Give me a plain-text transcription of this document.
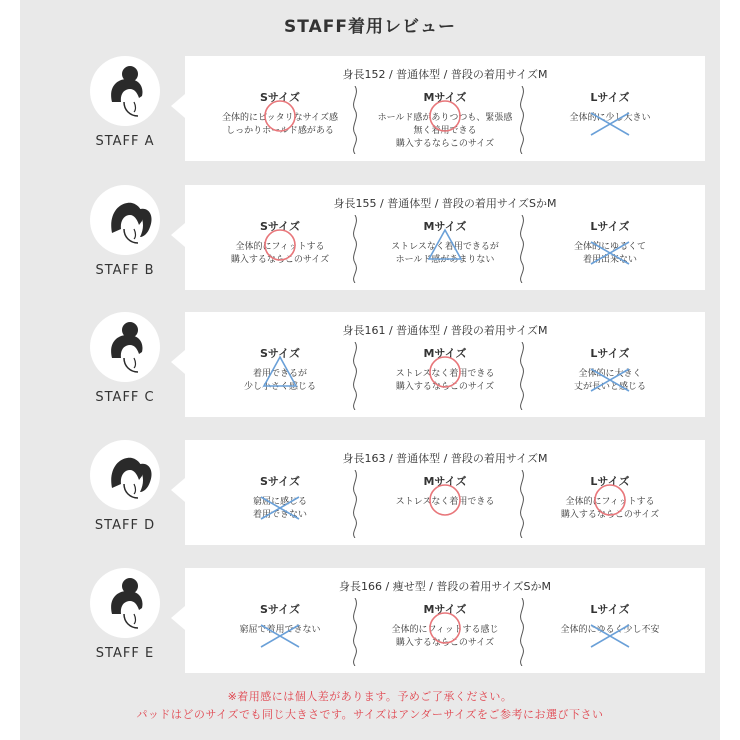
STAFF着用レビュー
STAFF A
身長152 / 普通体型 / 普段の着用サイズM
Sサイズ
全体的にピッタリなサイズ感
しっかりホールド感がある
Mサイズ
ホールド感がありつつも、緊張感
無く着用できる
購入するならこのサイズ
Lサイズ
全体的に少し大きい
STAFF B
身長155 / 普通体型 / 普段の着用サイズSかM
Sサイズ
全体的にフィットする
購入するならこのサイズ
Mサイズ
ストレスなく着用できるが
ホールド感があまりない
Lサイズ
全体的にゆるくて
着用出来ない
STAFF C
身長161 / 普通体型 / 普段の着用サイズM
Sサイズ
着用できるが
少し小さく感じる
Mサイズ
ストレスなく着用できる
購入するならこのサイズ
Lサイズ
全体的に大きく
丈が長いと感じる
STAFF D
身長163 / 普通体型 / 普段の着用サイズM
Sサイズ
窮屈に感じる
着用できない
Mサイズ
ストレスなく着用できる
Lサイズ
全体的にフィットする
購入するならこのサイズ
STAFF E
身長166 / 痩せ型 / 普段の着用サイズSかM
Sサイズ
窮屈で着用できない
Mサイズ
全体的にフィットする感じ
購入するならこのサイズ
Lサイズ
全体的にゆるく少し不安
※着用感には個人差があります。予めご了承ください。
パッドはどのサイズでも同じ大きさです。サイズはアンダーサイズをご参考にお選び下さい
